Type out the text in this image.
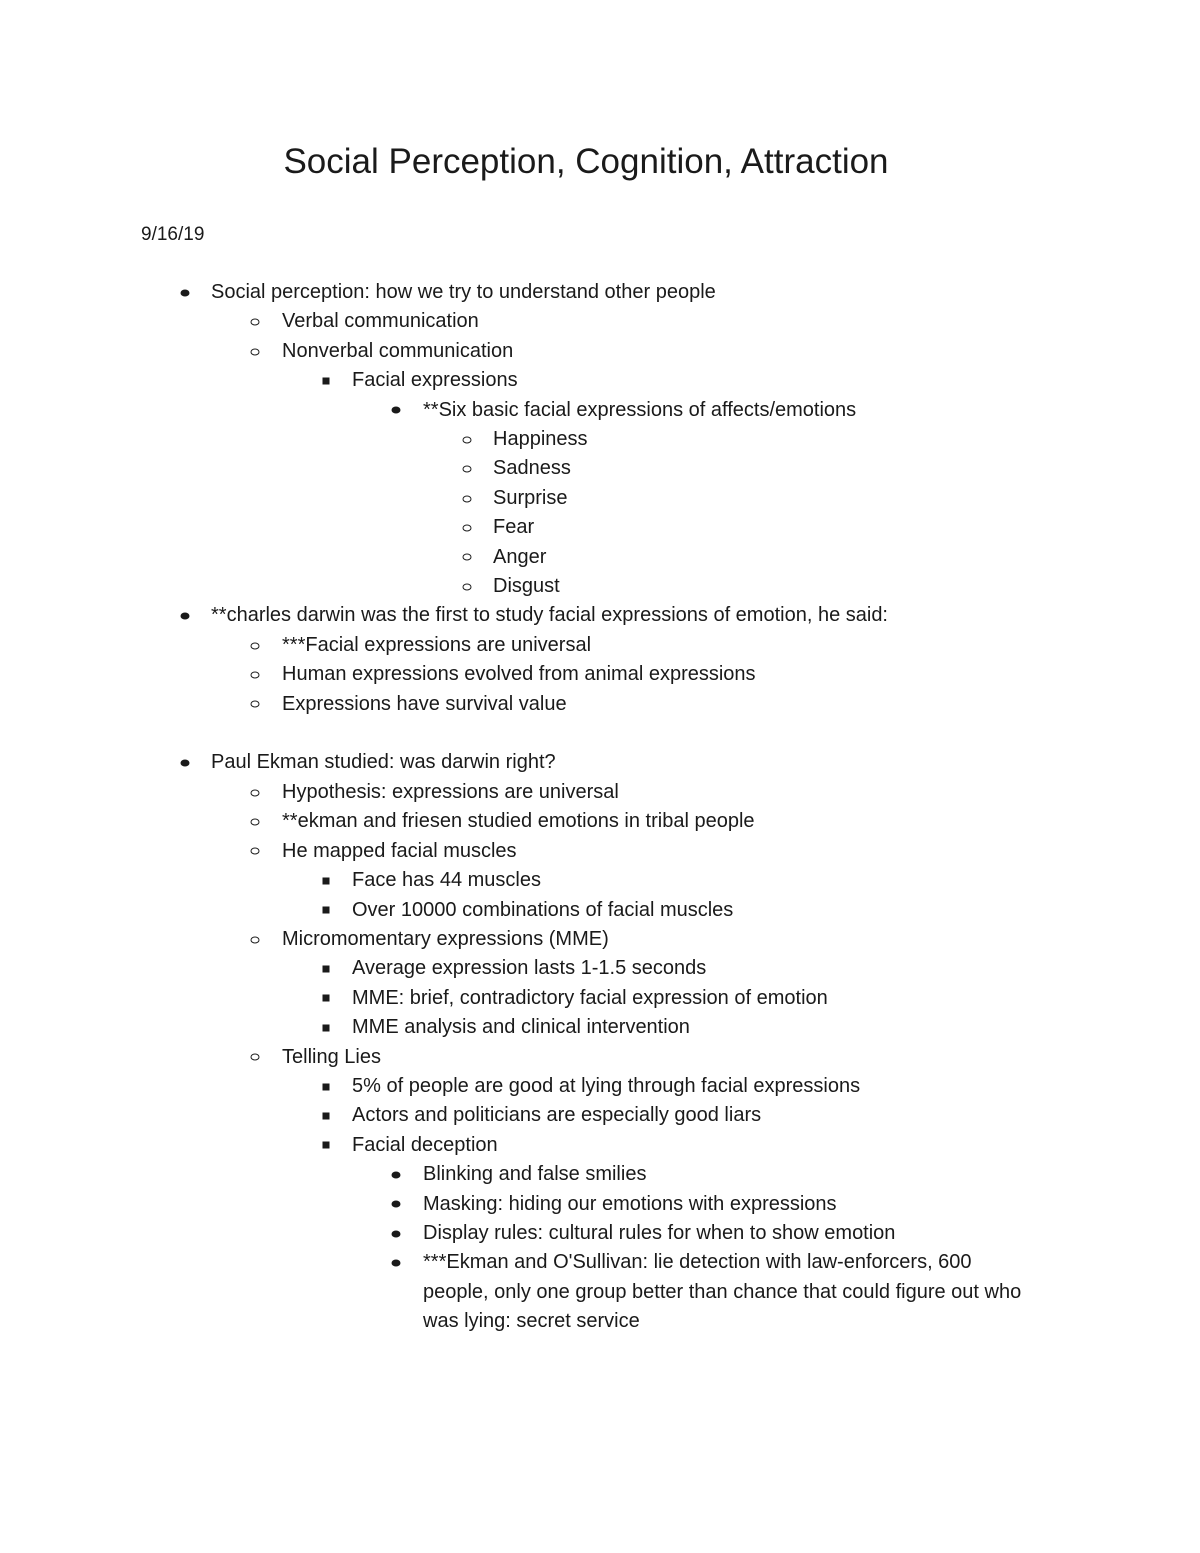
Social Perception, Cognition, Attraction
9/16/19
Social perception: how we try to understand other people
Verbal communication
Nonverbal communication
Facial expressions
**Six basic facial expressions of affects/emotions
Happiness
Sadness
Surprise
Fear
Anger
Disgust
**charles darwin was the first to study facial expressions of emotion, he said:
***Facial expressions are universal
Human expressions evolved from animal expressions
Expressions have survival value
Paul Ekman studied: was darwin right?
Hypothesis: expressions are universal
**ekman and friesen studied emotions in tribal people
He mapped facial muscles
Face has 44 muscles
Over 10000 combinations of facial muscles
Micromomentary expressions (MME)
Average expression lasts 1-1.5 seconds
MME: brief, contradictory facial expression of emotion
MME analysis and clinical intervention
Telling Lies
5% of people are good at lying through facial expressions
Actors and politicians are especially good liars
Facial deception
Blinking and false smilies
Masking: hiding our emotions with expressions
Display rules: cultural rules for when to show emotion
***Ekman and O'Sullivan: lie detection with law-enforcers, 600 people, only one group better than chance that could figure out who was lying: secret service
